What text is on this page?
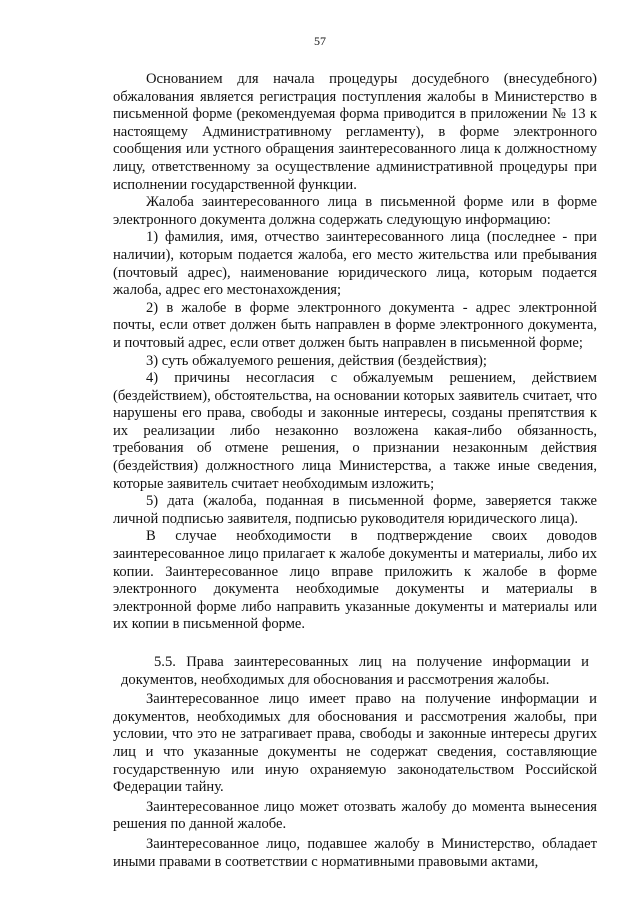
57

Основанием для начала процедуры досудебного (внесудебного) обжалования является регистрация поступления жалобы в Министерство в письменной форме (рекомендуемая форма приводится в приложении № 13 к настоящему Административному регламенту), в форме электронного сообщения или устного обращения заинтересованного лица к должностному лицу, ответственному за осуществление административной процедуры при исполнении государственной функции.

Жалоба заинтересованного лица в письменной форме или в форме электронного документа должна содержать следующую информацию:

1) фамилия, имя, отчество заинтересованного лица (последнее - при наличии), которым подается жалоба, его место жительства или пребывания (почтовый адрес), наименование юридического лица, которым подается жалоба, адрес его местонахождения;

2) в жалобе в форме электронного документа - адрес электронной почты, если ответ должен быть направлен в форме электронного документа, и почтовый адрес, если ответ должен быть направлен в письменной форме;

3) суть обжалуемого решения, действия (бездействия);

4) причины несогласия с обжалуемым решением, действием (бездействием), обстоятельства, на основании которых заявитель считает, что нарушены его права, свободы и законные интересы, созданы препятствия к их реализации либо незаконно возложена какая-либо обязанность, требования об отмене решения, о признании незаконным действия (бездействия) должностного лица Министерства, а также иные сведения, которые заявитель считает необходимым изложить;

5) дата (жалоба, поданная в письменной форме, заверяется также личной подписью заявителя, подписью руководителя юридического лица).

В случае необходимости в подтверждение своих доводов заинтересованное лицо прилагает к жалобе документы и материалы, либо их копии. Заинтересованное лицо вправе приложить к жалобе в форме электронного документа необходимые документы и материалы в электронной форме либо направить указанные документы и материалы или их копии в письменной форме.

5.5. Права заинтересованных лиц на получение информации и документов, необходимых для обоснования и рассмотрения жалобы.

Заинтересованное лицо имеет право на получение информации и документов, необходимых для обоснования и рассмотрения жалобы, при условии, что это не затрагивает права, свободы и законные интересы других лиц и что указанные документы не содержат сведения, составляющие государственную или иную охраняемую законодательством Российской Федерации тайну.

Заинтересованное лицо может отозвать жалобу до момента вынесения решения по данной жалобе.

Заинтересованное лицо, подавшее жалобу в Министерство, обладает иными правами в соответствии с нормативными правовыми актами,
